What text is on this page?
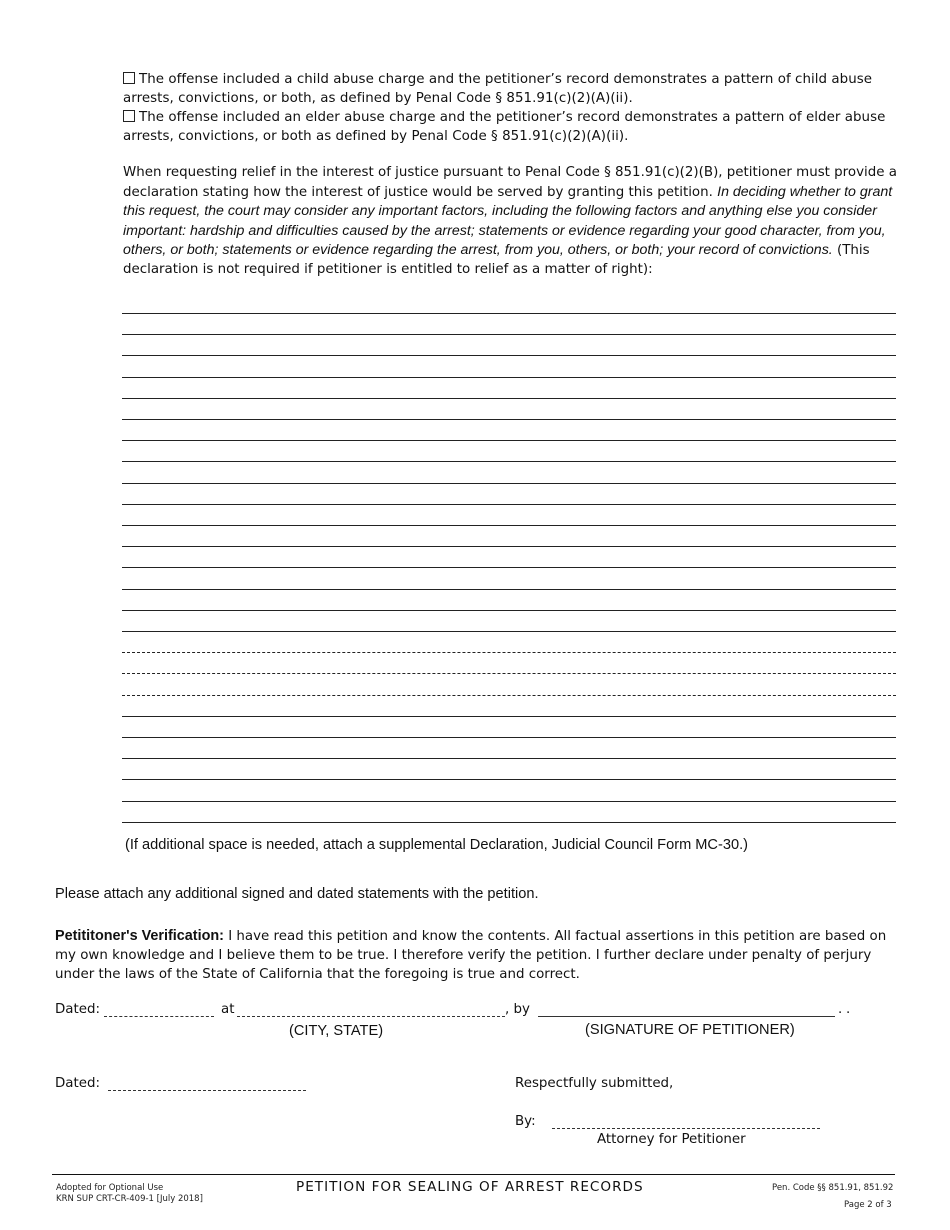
The offense included a child abuse charge and the petitioner’s record demonstrates a pattern of child abuse arrests, convictions, or both, as defined by Penal Code § 851.91(c)(2)(A)(ii).
The offense included an elder abuse charge and the petitioner’s record demonstrates a pattern of elder abuse arrests, convictions, or both as defined by Penal Code § 851.91(c)(2)(A)(ii).
When requesting relief in the interest of justice pursuant to Penal Code § 851.91(c)(2)(B), petitioner must provide a declaration stating how the interest of justice would be served by granting this petition. In deciding whether to grant this request, the court may consider any important factors, including the following factors and anything else you consider important: hardship and difficulties caused by the arrest; statements or evidence regarding your good character, from you, others, or both; statements or evidence regarding the arrest, from you, others, or both; your record of convictions. (This declaration is not required if petitioner is entitled to relief as a matter of right):
(If additional space is needed, attach a supplemental Declaration, Judicial Council Form MC-30.)
Please attach any additional signed and dated statements with the petition.
Petititoner's Verification: I have read this petition and know the contents. All factual assertions in this petition are based on my own knowledge and I believe them to be true. I therefore verify the petition. I further declare under penalty of perjury under the laws of the State of California that the foregoing is true and correct.
Dated:	at	, by	. .
(CITY, STATE)	(SIGNATURE OF PETITIONER)
Dated:	Respectfully submitted,
By:
Attorney for Petitioner
Adopted for Optional Use
KRN SUP CRT-CR-409-1 [July 2018]
PETITION FOR SEALING OF ARREST RECORDS	Pen. Code §§ 851.91, 851.92
Page 2 of 3
